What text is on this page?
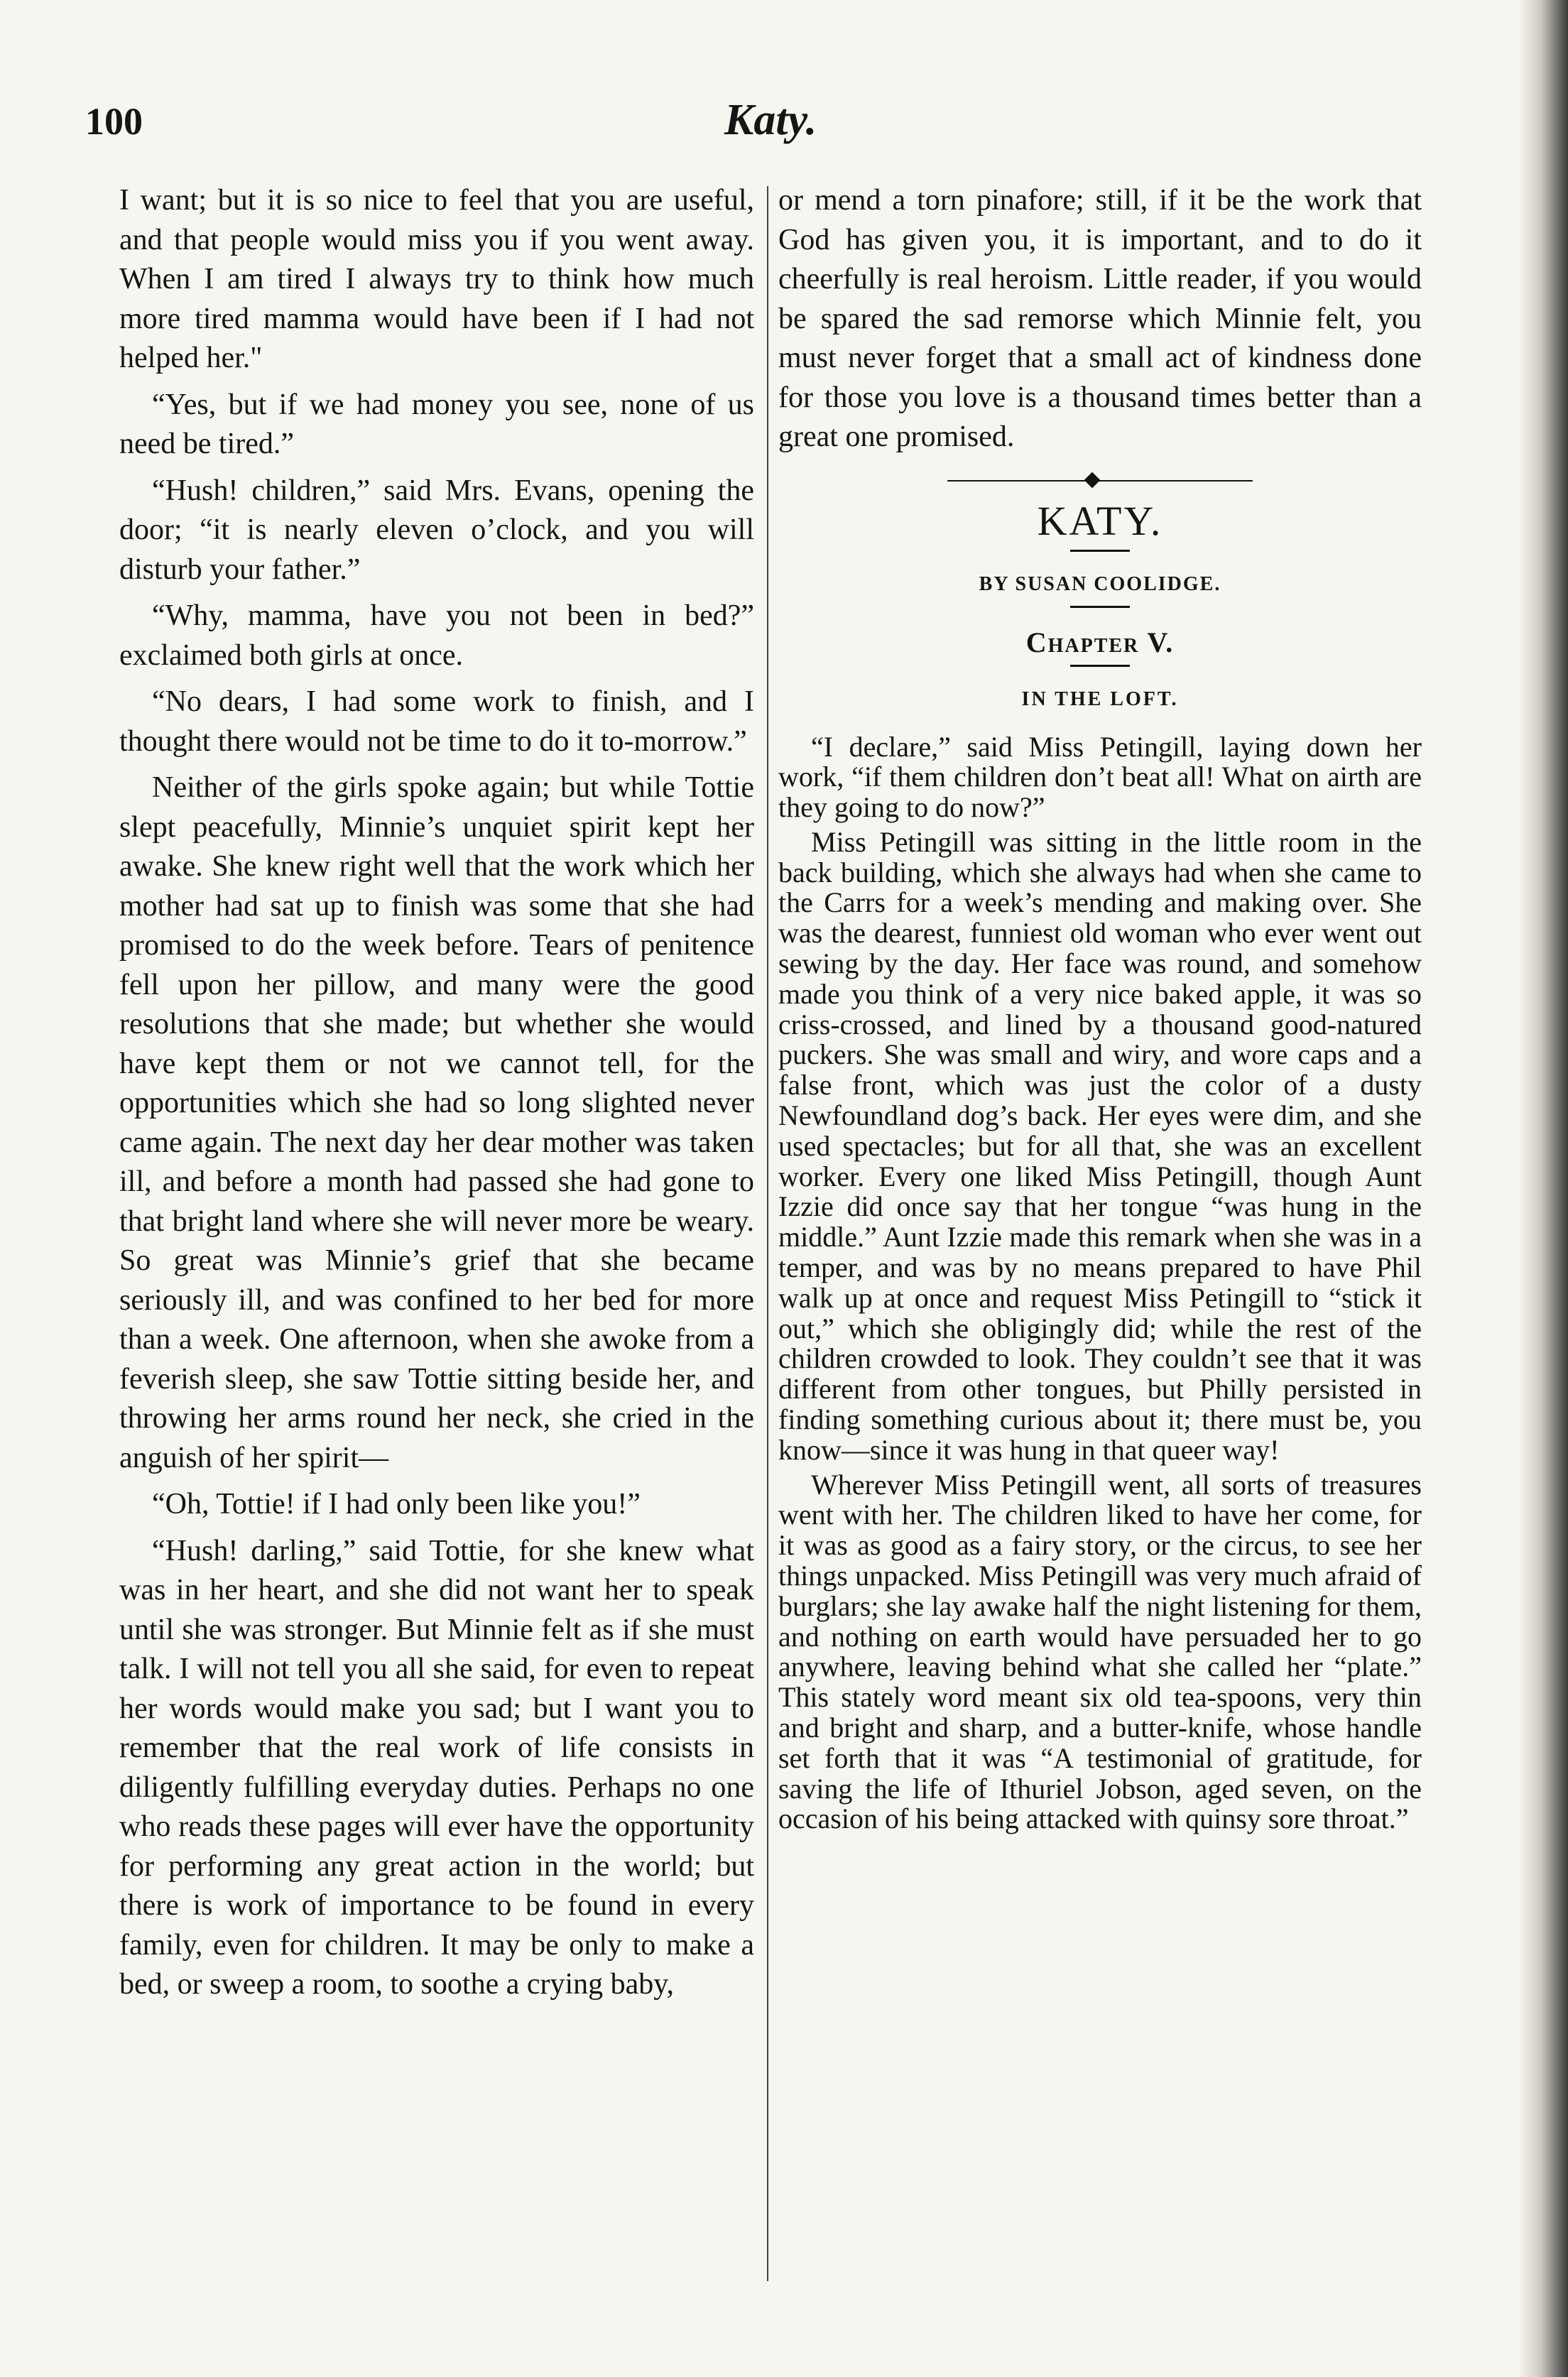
100	Katy.

I want; but it is so nice to feel that you are useful, and that people would miss you if you went away. When I am tired I always try to think how much more tired mamma would have been if I had not helped her."

“Yes, but if we had money you see, none of us need be tired.”

“Hush! children,” said Mrs. Evans, opening the door; “it is nearly eleven o’clock, and you will disturb your father.”

“Why, mamma, have you not been in bed?” exclaimed both girls at once.

“No dears, I had some work to finish, and I thought there would not be time to do it to-morrow.”

Neither of the girls spoke again; but while Tottie slept peacefully, Minnie’s unquiet spirit kept her awake. She knew right well that the work which her mother had sat up to finish was some that she had promised to do the week before. Tears of penitence fell upon her pillow, and many were the good resolutions that she made; but whether she would have kept them or not we cannot tell, for the opportunities which she had so long slighted never came again. The next day her dear mother was taken ill, and before a month had passed she had gone to that bright land where she will never more be weary. So great was Minnie’s grief that she became seriously ill, and was confined to her bed for more than a week. One afternoon, when she awoke from a feverish sleep, she saw Tottie sitting beside her, and throwing her arms round her neck, she cried in the anguish of her spirit—

“Oh, Tottie! if I had only been like you!”

“Hush! darling,” said Tottie, for she knew what was in her heart, and she did not want her to speak until she was stronger. But Minnie felt as if she must talk. I will not tell you all she said, for even to repeat her words would make you sad; but I want you to remember that the real work of life consists in diligently fulfilling everyday duties. Perhaps no one who reads these pages will ever have the opportunity for performing any great action in the world; but there is work of importance to be found in every family, even for children. It may be only to make a bed, or sweep a room, to soothe a crying baby,

or mend a torn pinafore; still, if it be the work that God has given you, it is important, and to do it cheerfully is real heroism. Little reader, if you would be spared the sad remorse which Minnie felt, you must never forget that a small act of kindness done for those you love is a thousand times better than a great one promised.

KATY.
BY SUSAN COOLIDGE.
Chapter V.
IN THE LOFT.

“I declare,” said Miss Petingill, laying down her work, “if them children don’t beat all! What on airth are they going to do now?”

Miss Petingill was sitting in the little room in the back building, which she always had when she came to the Carrs for a week’s mending and making over. She was the dearest, funniest old woman who ever went out sewing by the day. Her face was round, and somehow made you think of a very nice baked apple, it was so criss-crossed, and lined by a thousand good-natured puckers. She was small and wiry, and wore caps and a false front, which was just the color of a dusty Newfoundland dog’s back. Her eyes were dim, and she used spectacles; but for all that, she was an excellent worker. Every one liked Miss Petingill, though Aunt Izzie did once say that her tongue “was hung in the middle.” Aunt Izzie made this remark when she was in a temper, and was by no means prepared to have Phil walk up at once and request Miss Petingill to “stick it out,” which she obligingly did; while the rest of the children crowded to look. They couldn’t see that it was different from other tongues, but Philly persisted in finding something curious about it; there must be, you know—since it was hung in that queer way!

Wherever Miss Petingill went, all sorts of treasures went with her. The children liked to have her come, for it was as good as a fairy story, or the circus, to see her things unpacked. Miss Petingill was very much afraid of burglars; she lay awake half the night listening for them, and nothing on earth would have persuaded her to go anywhere, leaving behind what she called her “plate.” This stately word meant six old tea-spoons, very thin and bright and sharp, and a butter-knife, whose handle set forth that it was “A testimonial of gratitude, for saving the life of Ithuriel Jobson, aged seven, on the occasion of his being attacked with quinsy sore throat.”
